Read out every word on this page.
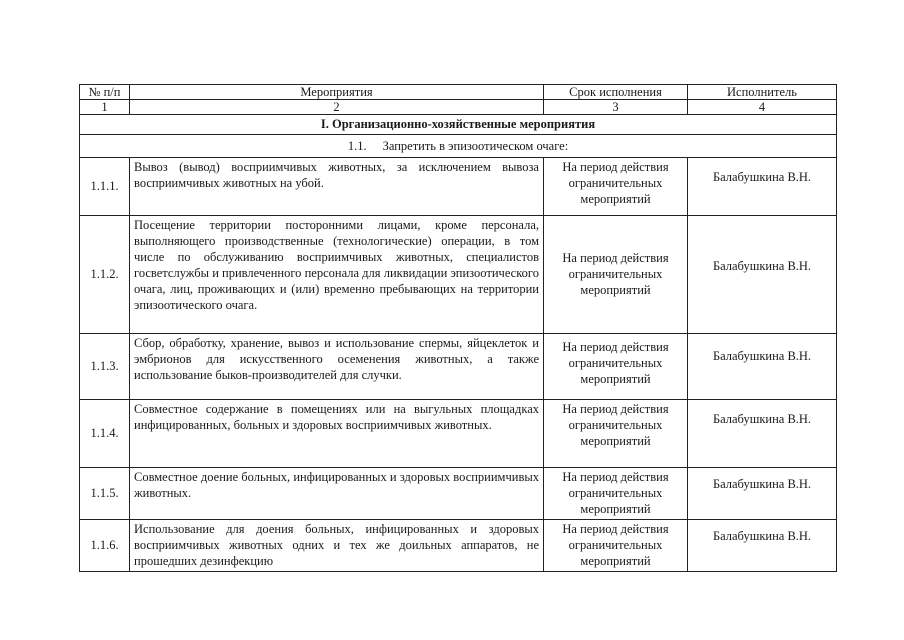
№ п/п	Мероприятия	Срок исполнения	Исполнитель
1	2	3	4
I. Организационно-хозяйственные мероприятия			
1.1. Запретить в эпизоотическом очаге:			
1.1.1.	Вывоз (вывод) восприимчивых животных, за исключением вывоза восприимчивых животных на убой.	На период действия ограничительных мероприятий	Балабушкина В.Н.
1.1.2.	Посещение территории посторонними лицами, кроме персонала, выполняющего производственные (технологические) операции, в том числе по обслуживанию восприимчивых животных, специалистов госветслужбы и привлеченного персонала для ликвидации эпизоотического очага, лиц, проживающих и (или) временно пребывающих на территории эпизоотического очага.	На период действия ограничительных мероприятий	Балабушкина В.Н.
1.1.3.	Сбор, обработку, хранение, вывоз и использование спермы, яйцеклеток и эмбрионов для искусственного осеменения животных, а также использование быков-производителей для случки.	На период действия ограничительных мероприятий	Балабушкина В.Н.
1.1.4.	Совместное содержание в помещениях или на выгульных площадках инфицированных, больных и здоровых восприимчивых животных.	На период действия ограничительных мероприятий	Балабушкина В.Н.
1.1.5.	Совместное доение больных, инфицированных и здоровых восприимчивых животных.	На период действия ограничительных мероприятий	Балабушкина В.Н.
1.1.6.	Использование для доения больных, инфицированных и здоровых восприимчивых животных одних и тех же доильных аппаратов, не прошедших дезинфекцию	На период действия ограничительных мероприятий	Балабушкина В.Н.
